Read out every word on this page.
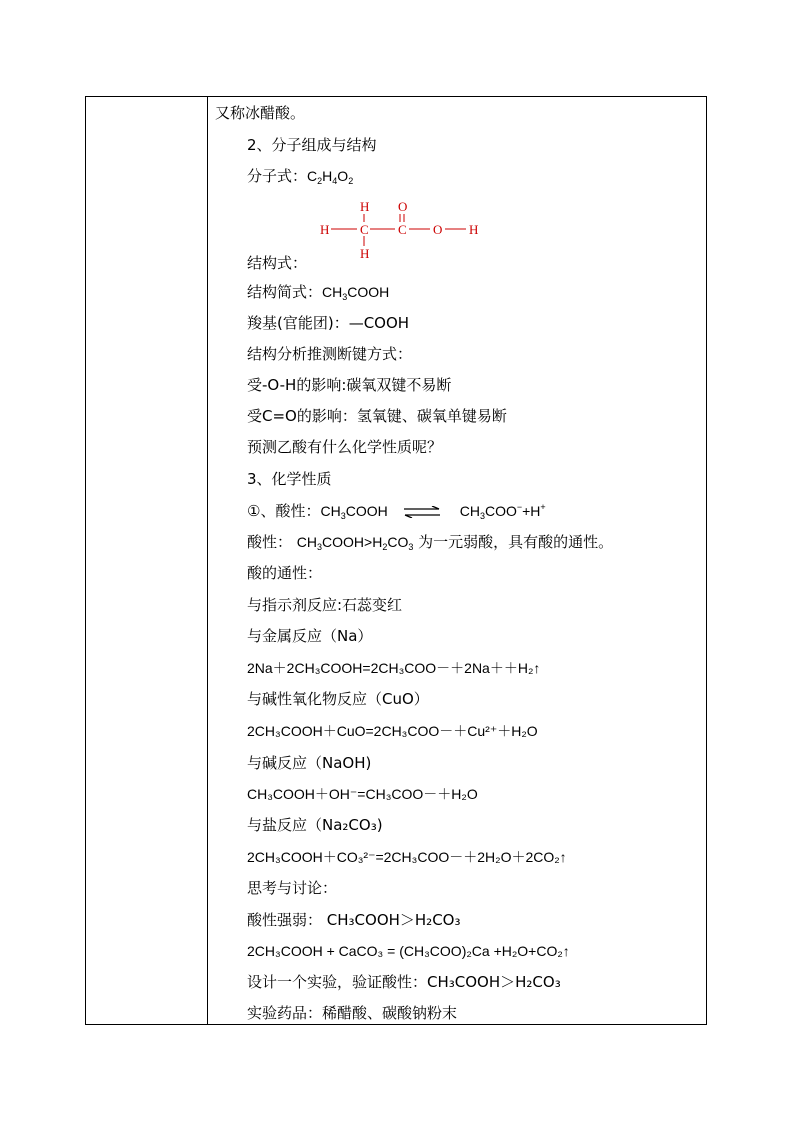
又称冰醋酸。
2、分子组成与结构
分子式：$C_2H_4O_2$
H
H C C
O
O
H
H
结构式：
结构简式：$CH_3COOH$
羧基(官能团)：—COOH
结构分析推测断键方式：
受-O-H的影响:碳氧双键不易断
受C=O的影响：氢氧键、碳氧单键易断
预测乙酸有什么化学性质呢？
3、化学性质
①、酸性：$CH_3COOH$ ⇌ $CH_3COO^-+H^+$
酸性： $CH_3COOH>H_2CO_3$ 为一元弱酸，具有酸的通性。
酸的通性：
与指示剂反应:石蕊变红
与金属反应（Na）
2Na＋2CH₃COOH=2CH₃COO－＋2Na＋＋H₂↑
与碱性氧化物反应（CuO）
2CH₃COOH＋CuO=2CH₃COO－＋Cu²⁺＋H₂O
与碱反应（NaOH)
CH₃COOH＋OH⁻=CH₃COO－＋H₂O
与盐反应（Na₂CO₃)
2CH₃COOH＋CO₃²⁻=2CH₃COO－＋2H₂O＋2CO₂↑
思考与讨论：
酸性强弱： CH₃COOH＞H₂CO₃
2CH₃COOH + CaCO₃ = (CH₃COO)₂Ca +H₂O+CO₂↑
设计一个实验，验证酸性：CH₃COOH＞H₂CO₃
实验药品：稀醋酸、碳酸钠粉末
